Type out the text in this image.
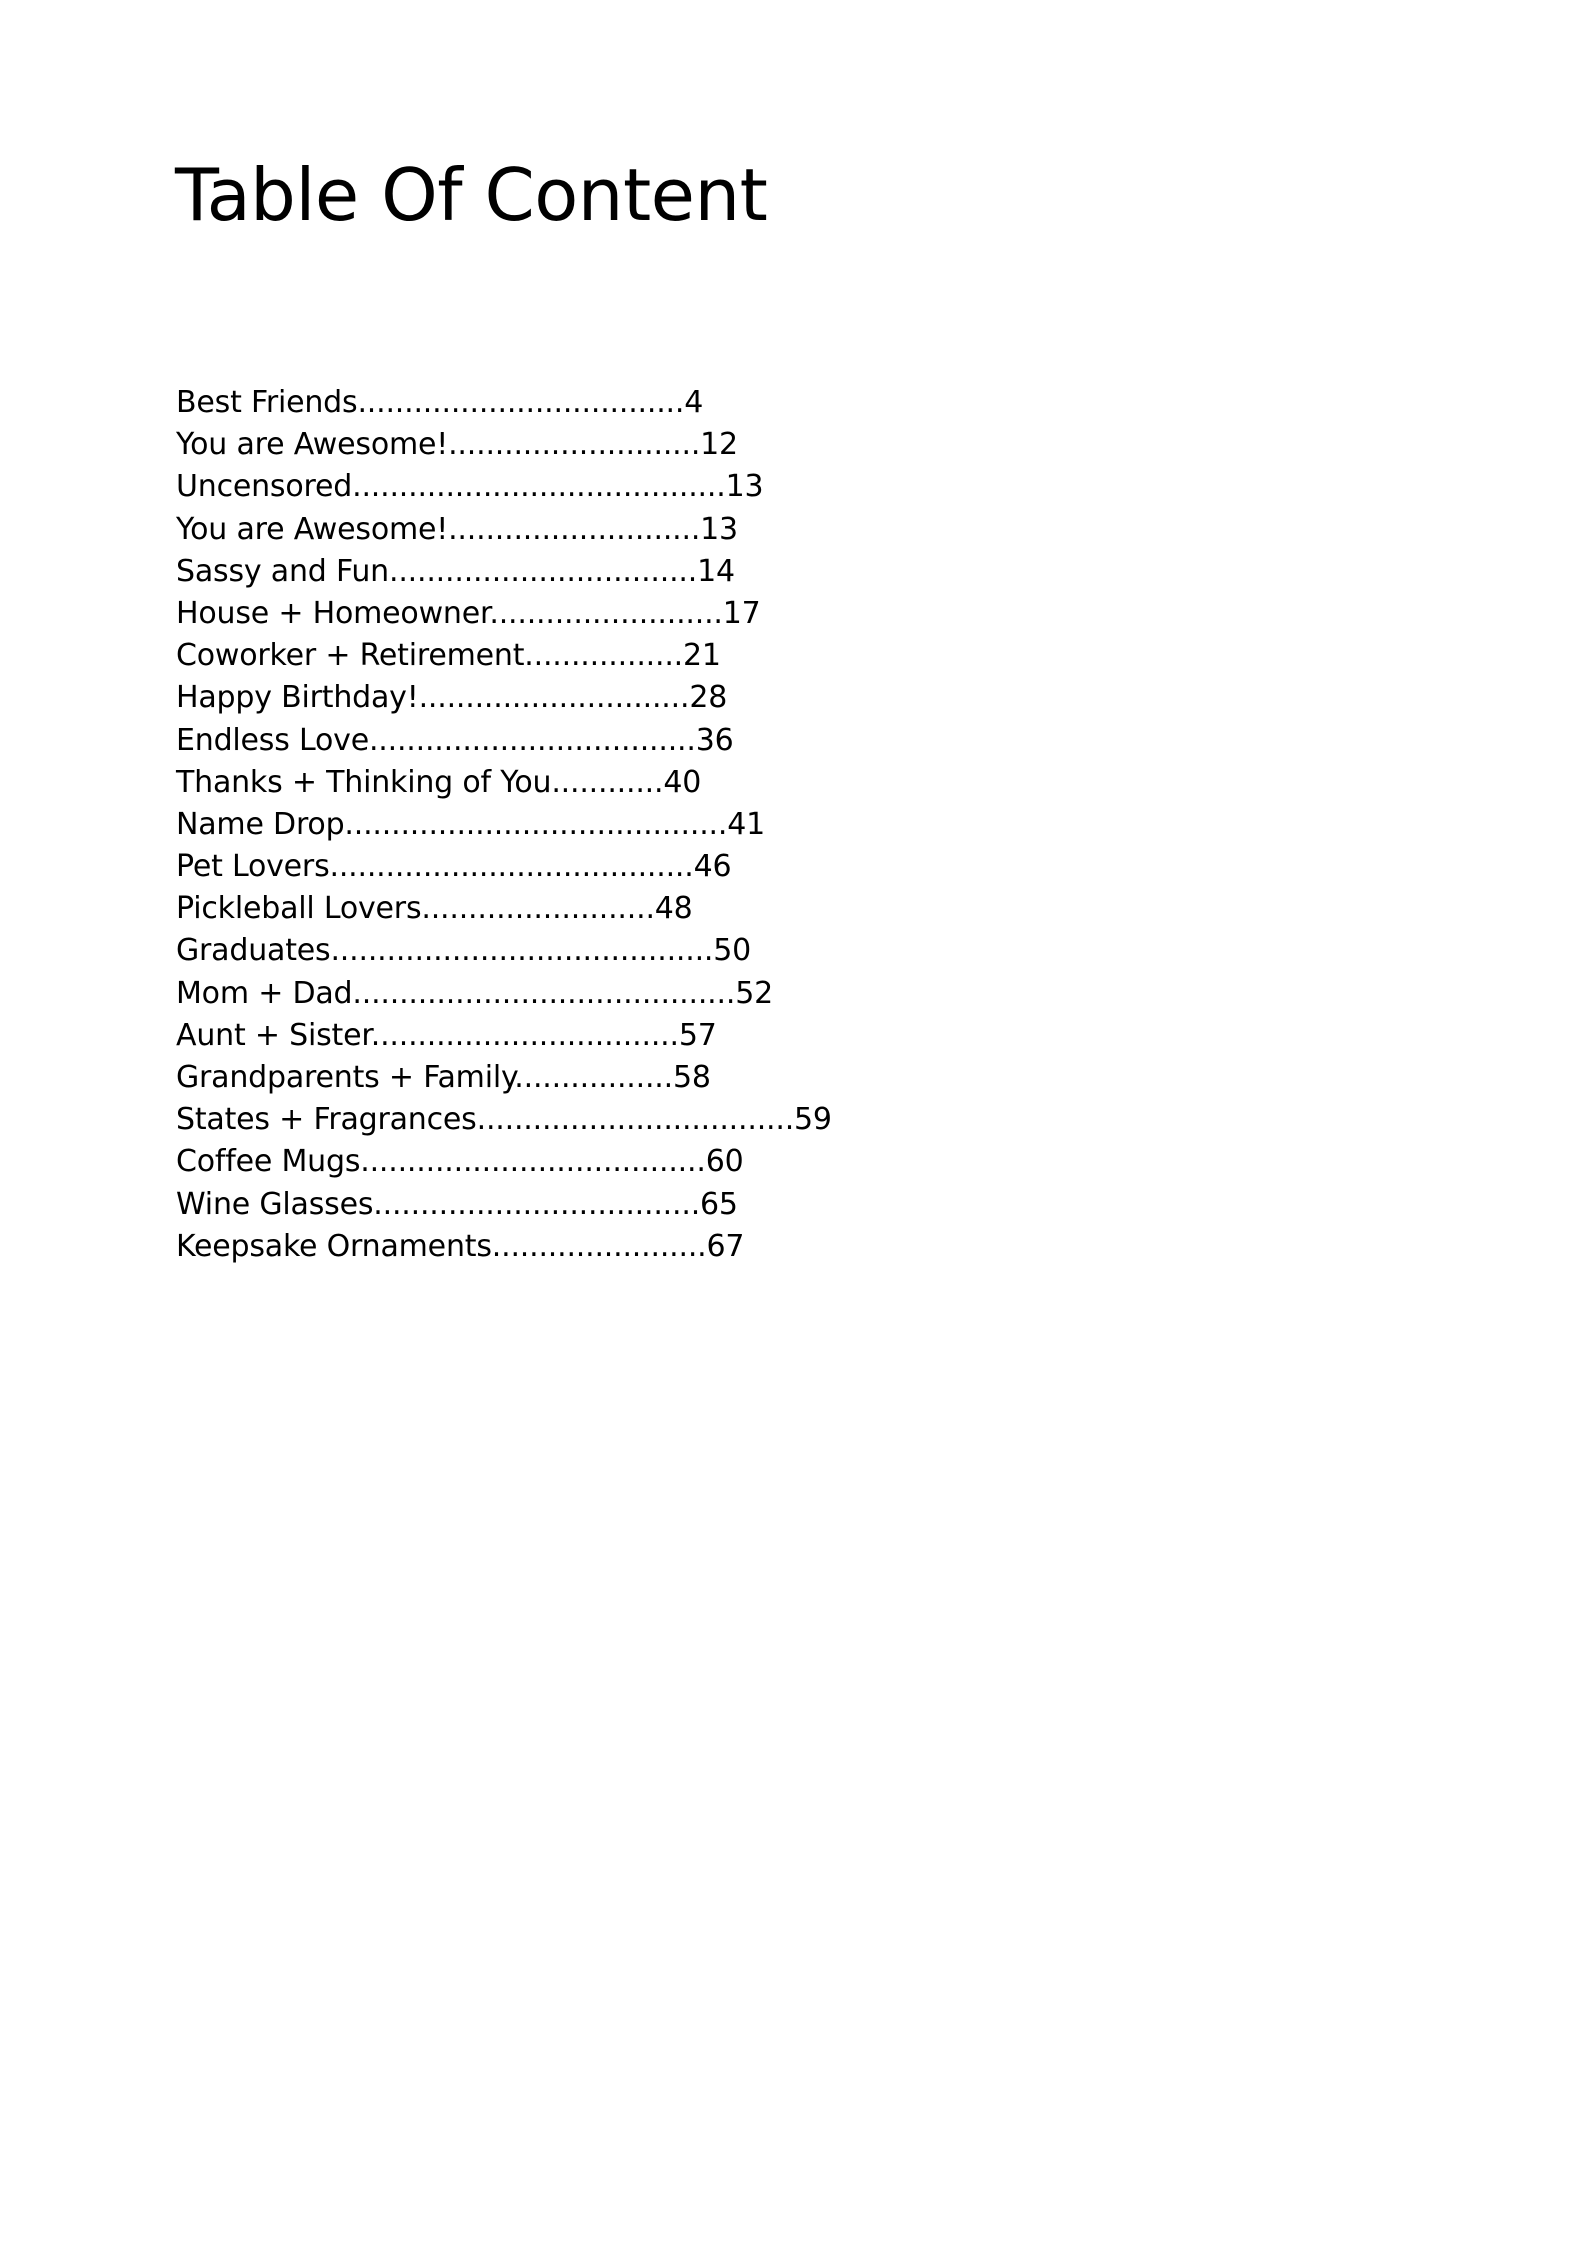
Table Of Content
Best Friends...................................4
You are Awesome!...........................12
Uncensored........................................13
You are Awesome!...........................13
Sassy and Fun.................................14
House + Homeowner.........................17
Coworker + Retirement.................21
Happy Birthday!.............................28
Endless Love...................................36
Thanks + Thinking of You............40
Name Drop.........................................41
Pet Lovers.......................................46
Pickleball Lovers.........................48
Graduates.........................................50
Mom + Dad.........................................52
Aunt + Sister.................................57
Grandparents + Family.................58
States + Fragrances..................................59
Coffee Mugs.....................................60
Wine Glasses...................................65
Keepsake Ornaments.......................67
